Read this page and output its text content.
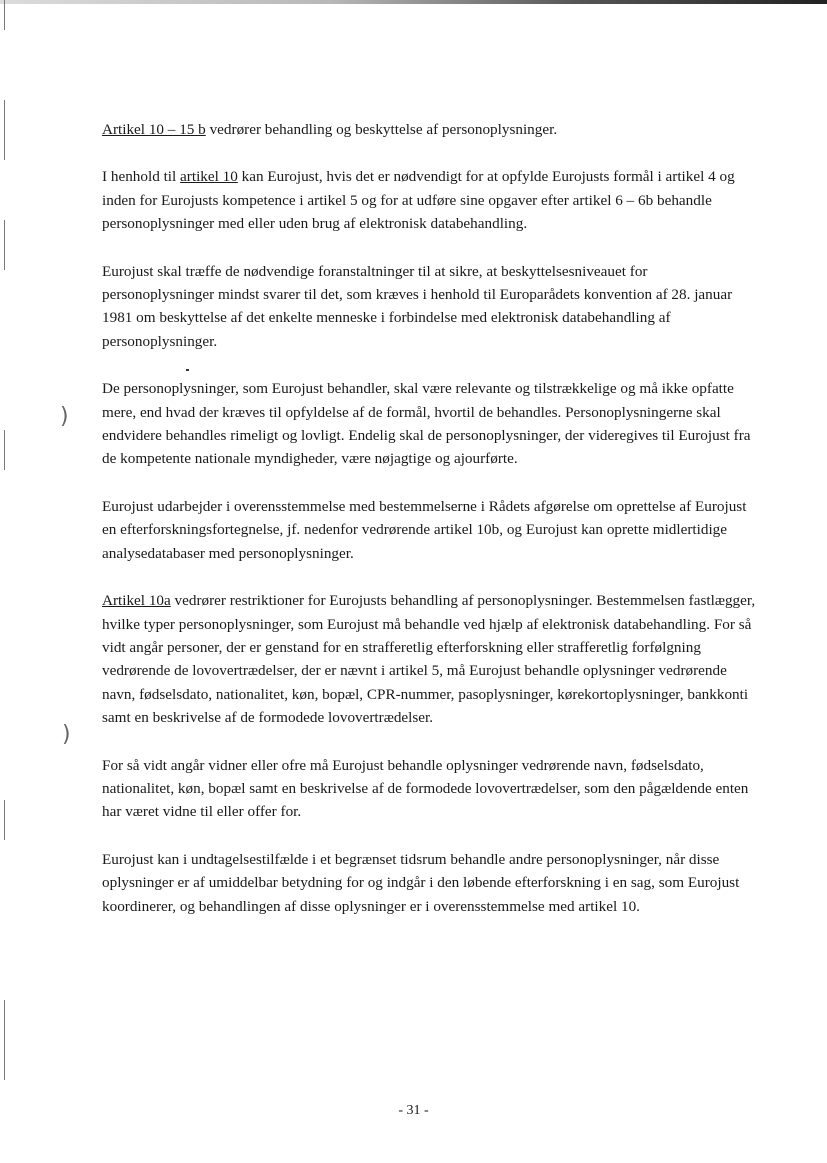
)
)

Artikel 10 – 15 b vedrører behandling og beskyttelse af personoplysninger.

I henhold til artikel 10 kan Eurojust, hvis det er nødvendigt for at opfylde Eurojusts formål i artikel 4 og inden for Eurojusts kompetence i artikel 5 og for at udføre sine opgaver efter artikel 6 – 6b behandle personoplysninger med eller uden brug af elektronisk databehandling.

Eurojust skal træffe de nødvendige foranstaltninger til at sikre, at beskyttelsesniveauet for personoplysninger mindst svarer til det, som kræves i henhold til Europarådets konvention af 28. januar 1981 om beskyttelse af det enkelte menneske i forbindelse med elektronisk databehandling af personoplysninger.

De personoplysninger, som Eurojust behandler, skal være relevante og tilstrækkelige og må ikke opfatte mere, end hvad der kræves til opfyldelse af de formål, hvortil de behandles. Personoplysningerne skal endvidere behandles rimeligt og lovligt. Endelig skal de personoplysninger, der videregives til Eurojust fra de kompetente nationale myndigheder, være nøjagtige og ajourførte.

Eurojust udarbejder i overensstemmelse med bestemmelserne i Rådets afgørelse om oprettelse af Eurojust en efterforskningsfortegnelse, jf. nedenfor vedrørende artikel 10b, og Eurojust kan oprette midlertidige analysedatabaser med personoplysninger.

Artikel 10a vedrører restriktioner for Eurojusts behandling af personoplysninger. Bestemmelsen fastlægger, hvilke typer personoplysninger, som Eurojust må behandle ved hjælp af elektronisk databehandling. For så vidt angår personer, der er genstand for en strafferetlig efterforskning eller strafferetlig forfølgning vedrørende de lovovertrædelser, der er nævnt i artikel 5, må Eurojust behandle oplysninger vedrørende navn, fødselsdato, nationalitet, køn, bopæl, CPR-nummer, pasoplysninger, kørekortoplysninger, bankkonti samt en beskrivelse af de formodede lovovertrædelser.

For så vidt angår vidner eller ofre må Eurojust behandle oplysninger vedrørende navn, fødselsdato, nationalitet, køn, bopæl samt en beskrivelse af de formodede lovovertrædelser, som den pågældende enten har været vidne til eller offer for.

Eurojust kan i undtagelsestilfælde i et begrænset tidsrum behandle andre personoplysninger, når disse oplysninger er af umiddelbar betydning for og indgår i den løbende efterforskning i en sag, som Eurojust koordinerer, og behandlingen af disse oplysninger er i overensstemmelse med artikel 10.

- 31 -
